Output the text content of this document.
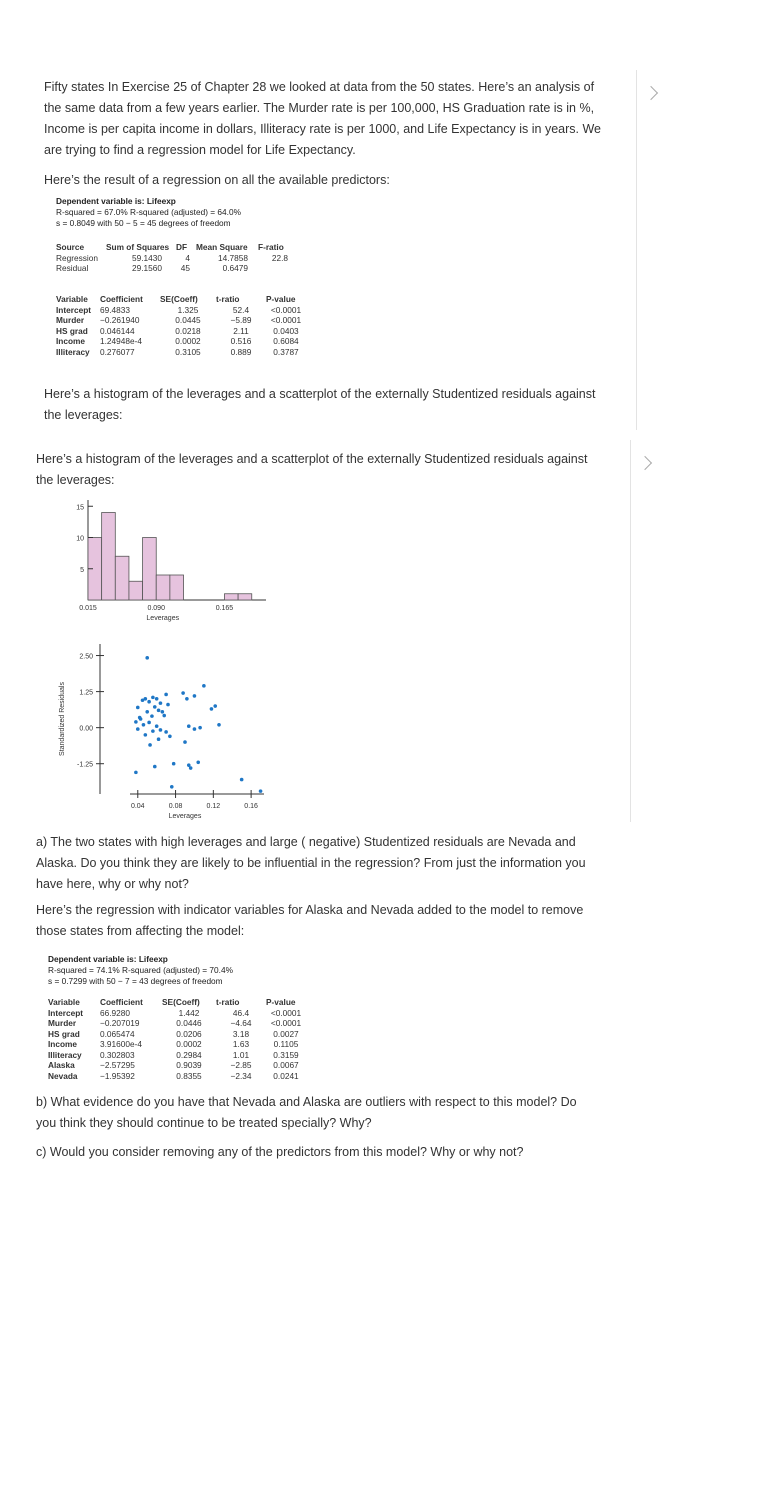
Fifty states In Exercise 25 of Chapter 28 we looked at data from the 50 states. Here’s an analysis of the same data from a few years earlier. The Murder rate is per 100,000, HS Graduation rate is in %, Income is per capita income in dollars, Illiteracy rate is per 1000, and Life Expectancy is in years. We are trying to find a regression model for Life Expectancy.

Here’s the result of a regression on all the available predictors:

Dependent variable is: Lifeexp
R-squared = 67.0% R-squared (adjusted) = 64.0%
s = 0.8049 with 50 − 5 = 45 degrees of freedom
Source	Sum of Squares	DF	Mean Square	F-ratio
Regression	59.1430	4	14.7858	22.8
Residual	29.1560	45	0.6479	
Variable	Coefficient	SE(Coeff)	t-ratio	P-value
Intercept	69.4833	1.325	52.4	<0.0001
Murder	−0.261940	0.0445	−5.89	<0.0001
HS grad	0.046144	0.0218	2.11	0.0403
Income	1.24948e-4	0.0002	0.516	0.6084
Illiteracy	0.276077	0.3105	0.889	0.3787

Here’s a histogram of the leverages and a scatterplot of the externally Studentized residuals against the leverages:

Here’s a histogram of the leverages and a scatterplot of the externally Studentized residuals against the leverages:

5
10
15
0.015	0.090	0.165
Leverages
2.50
1.25
0.00
-1.25
0.04	0.08	0.12	0.16
Leverages
Standardized Residuals

a) The two states with high leverages and large ( negative) Studentized residuals are Nevada and Alaska. Do you think they are likely to be influential in the regression? From just the information you have here, why or why not?

Here’s the regression with indicator variables for Alaska and Nevada added to the model to remove those states from affecting the model:

Dependent variable is: Lifeexp
R-squared = 74.1% R-squared (adjusted) = 70.4%
s = 0.7299 with 50 − 7 = 43 degrees of freedom
Variable	Coefficient	SE(Coeff)	t-ratio	P-value
Intercept	66.9280	1.442	46.4	<0.0001
Murder	−0.207019	0.0446	−4.64	<0.0001
HS grad	0.065474	0.0206	3.18	0.0027
Income	3.91600e-4	0.0002	1.63	0.1105
Illiteracy	0.302803	0.2984	1.01	0.3159
Alaska	−2.57295	0.9039	−2.85	0.0067
Nevada	−1.95392	0.8355	−2.34	0.0241

b) What evidence do you have that Nevada and Alaska are outliers with respect to this model? Do you think they should continue to be treated specially? Why?

c) Would you consider removing any of the predictors from this model? Why or why not?
